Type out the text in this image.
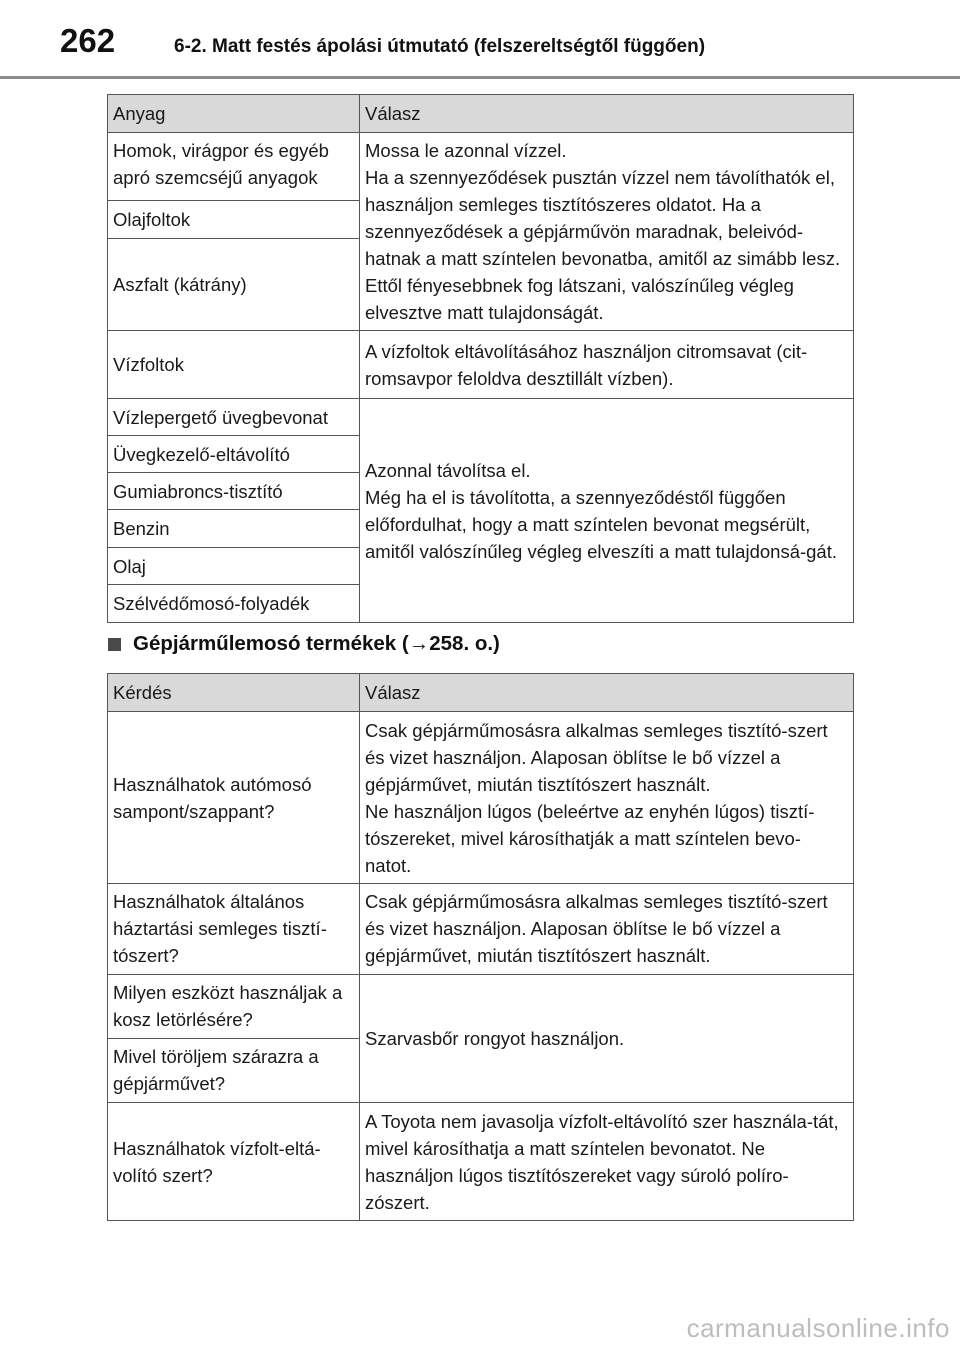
262	6-2. Matt festés ápolási útmutató (felszereltségtől függően)
Anyag	Válasz
Homok, virágpor és egyéb apró szemcséjű anyagok	Mossa le azonnal vízzel.
Ha a szennyeződések pusztán vízzel nem távolíthatók el, használjon semleges tisztítószeres oldatot. Ha a szennyeződések a gépjárművön maradnak, beleivód-hatnak a matt színtelen bevonatba, amitől az simább lesz. Ettől fényesebbnek fog látszani, valószínűleg végleg elvesztve matt tulajdonságát.

Olajfoltok	
Aszfalt (kátrány)	
Vízfoltok	A vízfoltok eltávolításához használjon citromsavat (cit-romsavpor feloldva desztillált vízben).
Vízlepergető üvegbevonat	Azonnal távolítsa el.
Még ha el is távolította, a szennyeződéstől függően előfordulhat, hogy a matt színtelen bevonat megsérült, amitől valószínűleg végleg elveszíti a matt tulajdonsá-gát.

Üvegkezelő-eltávolító	
Gumiabroncs-tisztító	
Benzin	
Olaj	
Szélvédőmosó-folyadék	
Gépjárműlemosó termékek ( → 258. o.)
Kérdés	Válasz
Használhatok autómosó sampont/szappant?	Csak gépjárműmosásra alkalmas semleges tisztító-szert és vizet használjon. Alaposan öblítse le bő vízzel a gépjárművet, miután tisztítószert használt.
Ne használjon lúgos (beleértve az enyhén lúgos) tisztí-tószereket, mivel károsíthatják a matt színtelen bevo-natot.

Használhatok általános háztartási semleges tisztí-tószert?	Csak gépjárműmosásra alkalmas semleges tisztító-szert és vizet használjon. Alaposan öblítse le bő vízzel a gépjárművet, miután tisztítószert használt.
Milyen eszközt használjak a kosz letörlésére?	Szarvasbőr rongyot használjon.
Mivel töröljem szárazra a gépjárművet?	
Használhatok vízfolt-eltá-volító szert?	A Toyota nem javasolja vízfolt-eltávolító szer használa-tát, mivel károsíthatja a matt színtelen bevonatot. Ne használjon lúgos tisztítószereket vagy súroló políro-zószert.
carmanualsonline.info
